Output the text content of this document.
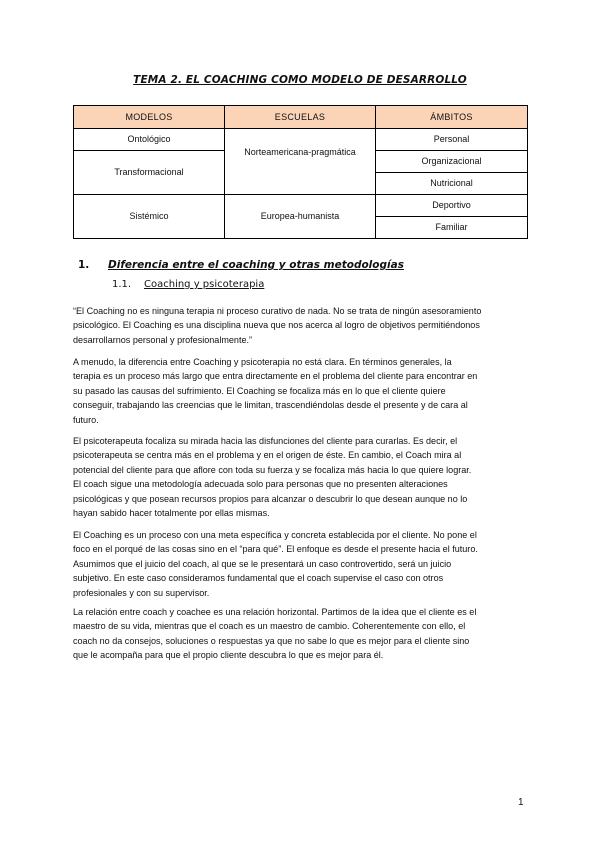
TEMA 2. EL COACHING COMO MODELO DE DESARROLLO
MODELOS	ESCUELAS	ÁMBITOS
Ontológico	Norteamericana-pragmática	Personal
Transformacional		Organizacional
		Nutricional
Sistémico	Europea-humanista	Deportivo
		Familiar
1. Diferencia entre el coaching y otras metodologías
1.1. Coaching y psicoterapia

“El Coaching no es ninguna terapia ni proceso curativo de nada. No se trata de ningún asesoramiento
psicológico. El Coaching es una disciplina nueva que nos acerca al logro de objetivos permitiéndonos
desarrollarnos personal y profesionalmente.”

A menudo, la diferencia entre Coaching y psicoterapia no está clara. En términos generales, la
terapia es un proceso más largo que entra directamente en el problema del cliente para encontrar en
su pasado las causas del sufrimiento. El Coaching se focaliza más en lo que el cliente quiere
conseguir, trabajando las creencias que le limitan, trascendiéndolas desde el presente y de cara al
futuro.

El psicoterapeuta focaliza su mirada hacia las disfunciones del cliente para curarlas. Es decir, el
psicoterapeuta se centra más en el problema y en el origen de éste. En cambio, el Coach mira al
potencial del cliente para que aflore con toda su fuerza y se focaliza más hacia lo que quiere lograr.
El coach sigue una metodología adecuada solo para personas que no presenten alteraciones
psicológicas y que posean recursos propios para alcanzar o descubrir lo que desean aunque no lo
hayan sabido hacer totalmente por ellas mismas.

El Coaching es un proceso con una meta específica y concreta establecida por el cliente. No pone el
foco en el porqué de las cosas sino en el “para qué”. El enfoque es desde el presente hacia el futuro.
Asumimos que el juicio del coach, al que se le presentará un caso controvertido, será un juicio
subjetivo. En este caso consideramos fundamental que el coach supervise el caso con otros
profesionales y con su supervisor.

La relación entre coach y coachee es una relación horizontal. Partimos de la idea que el cliente es el
maestro de su vida, mientras que el coach es un maestro de cambio. Coherentemente con ello, el
coach no da consejos, soluciones o respuestas ya que no sabe lo que es mejor para el cliente sino
que le acompaña para que el propio cliente descubra lo que es mejor para él.

1
